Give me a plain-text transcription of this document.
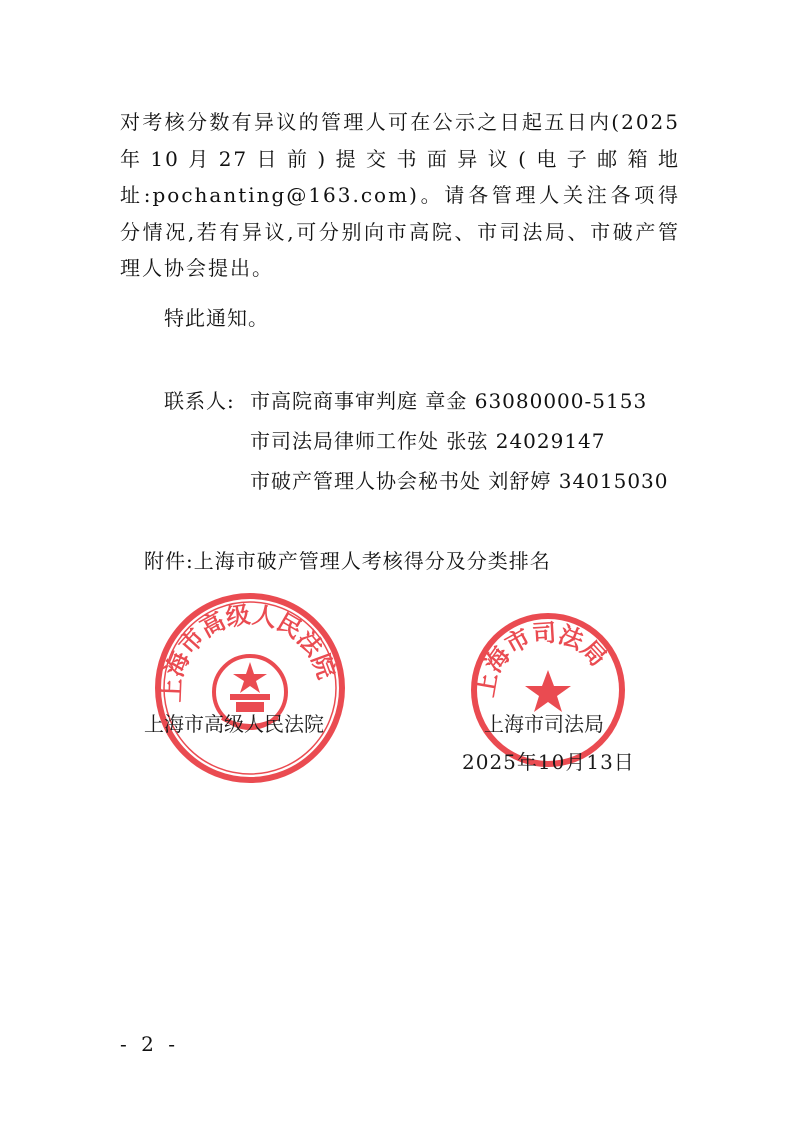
对考核分数有异议的管理人可在公示之日起五日内(2025年10月27日前)提交书面异议(电子邮箱地址:pochanting@163.com)。请各管理人关注各项得分情况,若有异议,可分别向市高院、市司法局、市破产管理人协会提出。

特此通知。
联系人: 市高院商事审判庭 章金 63080000-5153
市司法局律师工作处 张弦 24029147
市破产管理人协会秘书处 刘舒婷 34015030
附件:上海市破产管理人考核得分及分类排名
上海市高级人民法院
上海市司法局
上海市高级人民法院	上海市司法局
2025年10月13日
- 2 -
